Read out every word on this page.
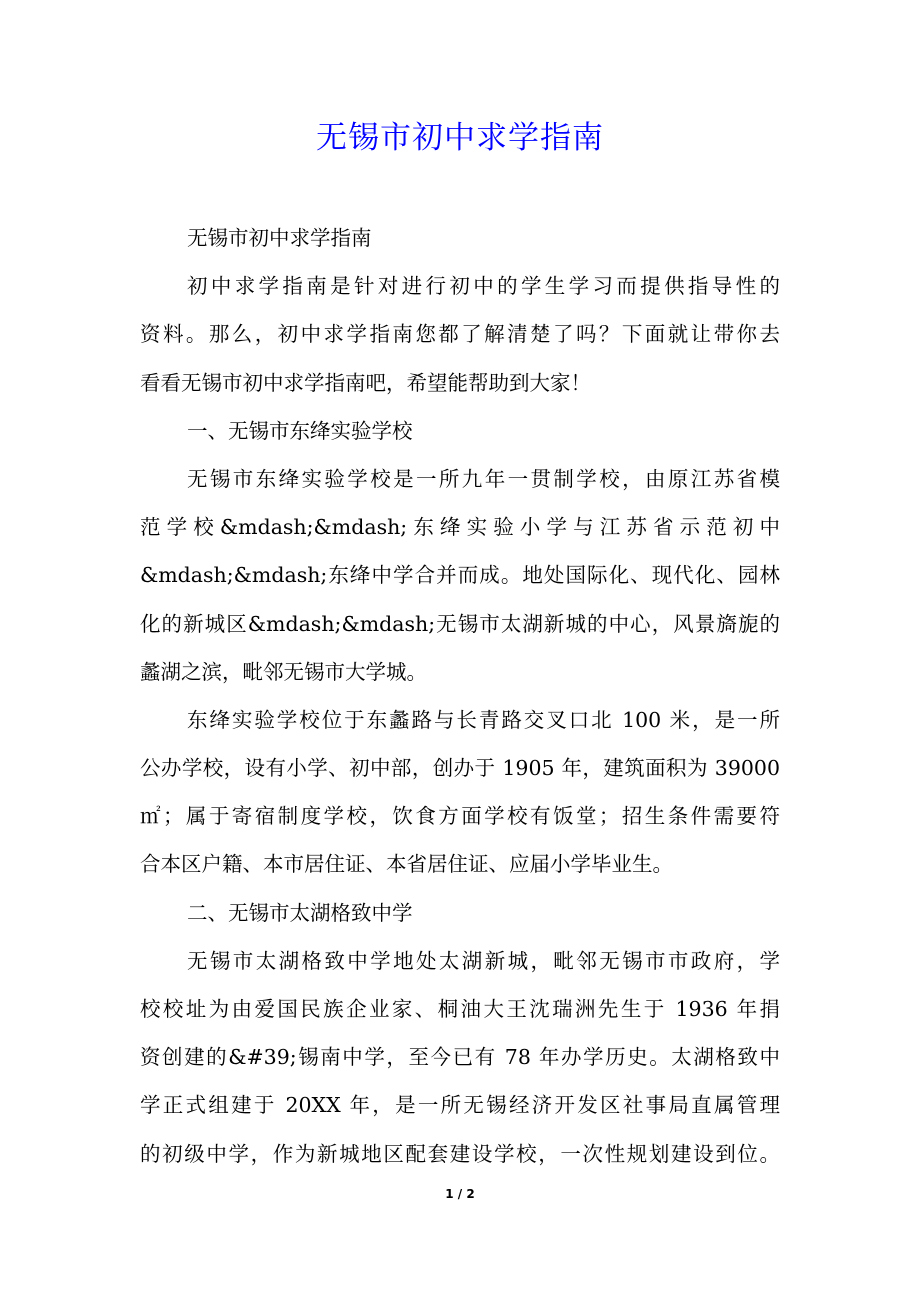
无锡市初中求学指南
无锡市初中求学指南
初中求学指南是针对进行初中的学生学习而提供指导性的
资料。那么，初中求学指南您都了解清楚了吗？下面就让带你去
看看无锡市初中求学指南吧，希望能帮助到大家！
一、无锡市东绛实验学校
无锡市东绛实验学校是一所九年一贯制学校，由原江苏省模
范学校&mdash;&mdash;东绛实验小学与江苏省示范初中
&mdash;&mdash;东绛中学合并而成。地处国际化、现代化、园林
化的新城区&mdash;&mdash;无锡市太湖新城的中心，风景旖旎的
蠡湖之滨，毗邻无锡市大学城。
东绛实验学校位于东蠡路与长青路交叉口北 100 米，是一所
公办学校，设有小学、初中部，创办于 1905 年，建筑面积为 39000
㎡；属于寄宿制度学校，饮食方面学校有饭堂；招生条件需要符
合本区户籍、本市居住证、本省居住证、应届小学毕业生。
二、无锡市太湖格致中学
无锡市太湖格致中学地处太湖新城，毗邻无锡市市政府，学
校校址为由爱国民族企业家、桐油大王沈瑞洲先生于 1936 年捐
资创建的&#39;锡南中学，至今已有 78 年办学历史。太湖格致中
学正式组建于 20XX 年，是一所无锡经济开发区社事局直属管理
的初级中学，作为新城地区配套建设学校，一次性规划建设到位。
1 / 2
